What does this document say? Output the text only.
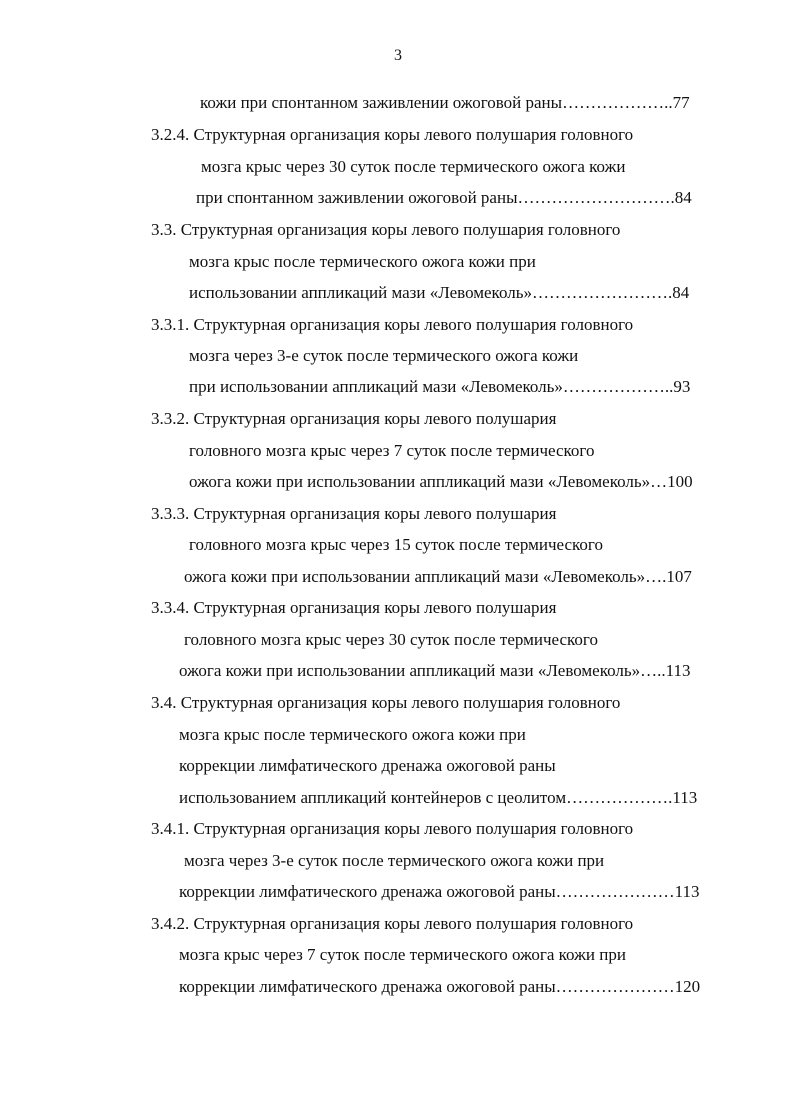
3
кожи при спонтанном заживлении ожоговой раны………………..77
3.2.4. Структурная организация коры левого полушария головного
мозга крыс через 30 суток после термического ожога кожи
при спонтанном заживлении ожоговой раны……………………….84
3.3. Структурная организация коры левого полушария головного
мозга крыс после термического ожога кожи при
использовании аппликаций мази «Левомеколь»…………………….84
3.3.1. Структурная организация коры левого полушария головного
мозга через 3-е суток после термического ожога кожи
при использовании аппликаций мази «Левомеколь»………………..93
3.3.2. Структурная организация коры левого полушария
головного мозга крыс через 7 суток после термического
ожога кожи при использовании аппликаций мази «Левомеколь»…100
3.3.3. Структурная организация коры левого полушария
головного мозга крыс через 15 суток после термического
ожога кожи при использовании аппликаций мази «Левомеколь»….107
3.3.4. Структурная организация коры левого полушария
головного мозга крыс через 30 суток после термического
ожога кожи при использовании аппликаций мази «Левомеколь»…..113
3.4. Структурная организация коры левого полушария головного
мозга крыс после термического ожога кожи при
коррекции лимфатического дренажа ожоговой раны
использованием аппликаций контейнеров с цеолитом……………….113
3.4.1. Структурная организация коры левого полушария головного
мозга через 3-е суток после термического ожога кожи при
коррекции лимфатического дренажа ожоговой раны…………………113
3.4.2. Структурная организация коры левого полушария головного
мозга крыс через 7 суток после термического ожога кожи при
коррекции лимфатического дренажа ожоговой раны…………………120
